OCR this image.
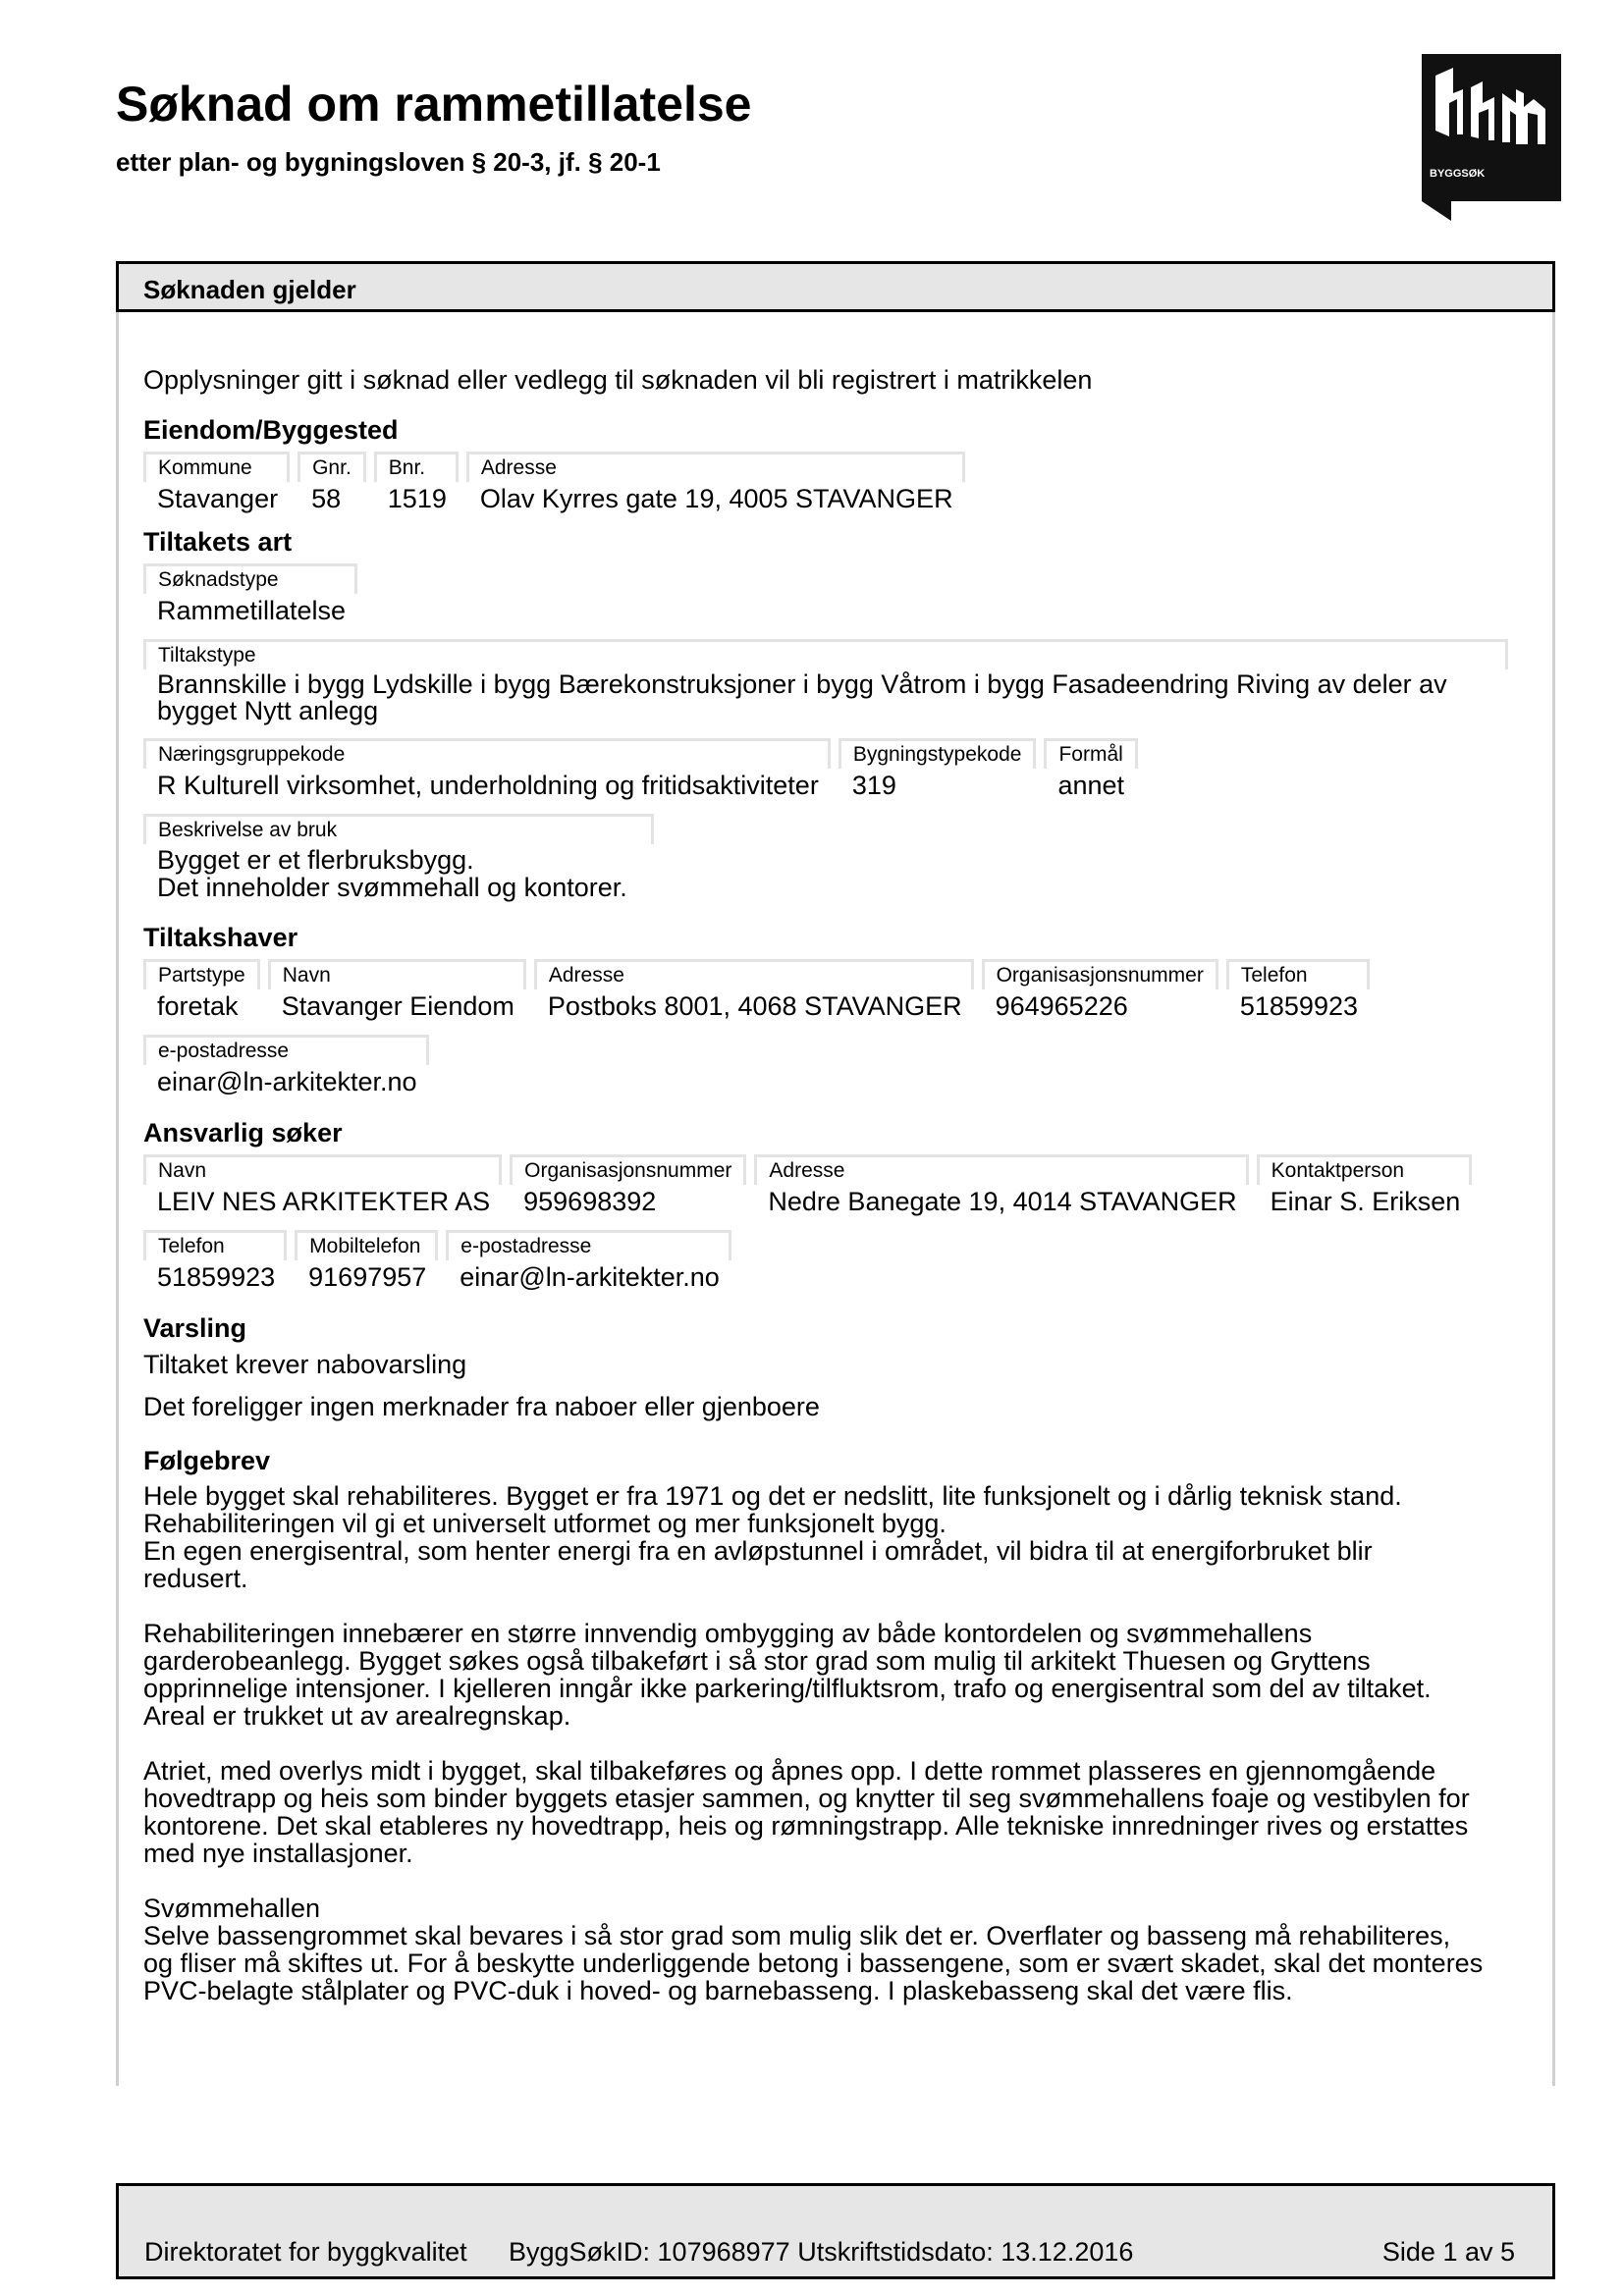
Søknad om rammetillatelse
etter plan- og bygningsloven § 20-3, jf. § 20-1	BYGGSØK
Søknaden gjelder

Opplysninger gitt i søknad eller vedlegg til søknaden vil bli registrert i matrikkelen

Eiendom/Byggested

Kommune
Stavanger
Gnr.
58
Bnr.
1519
Adresse
Olav Kyrres gate 19, 4005 STAVANGER

Tiltakets art

Søknadstype
Rammetillatelse
Tiltakstype
Brannskille i bygg Lydskille i bygg Bærekonstruksjoner i bygg Våtrom i bygg Fasadeendring Riving av deler av bygget Nytt anlegg
Næringsgruppekode
R Kulturell virksomhet, underholdning og fritidsaktiviteter
Bygningstypekode
319
Formål
annet
Beskrivelse av bruk
Bygget er et flerbruksbygg.
Det inneholder svømmehall og kontorer.

Tiltakshaver

Partstype
foretak
Navn
Stavanger Eiendom
Adresse
Postboks 8001, 4068 STAVANGER
Organisasjonsnummer
964965226
Telefon
51859923
e-postadresse
einar@ln-arkitekter.no

Ansvarlig søker

Navn
LEIV NES ARKITEKTER AS
Organisasjonsnummer
959698392
Adresse
Nedre Banegate 19, 4014 STAVANGER
Kontaktperson
Einar S. Eriksen
Telefon
51859923
Mobiltelefon
91697957
e-postadresse
einar@ln-arkitekter.no

Varsling

Tiltaket krever nabovarsling

Det foreligger ingen merknader fra naboer eller gjenboere

Følgebrev

Hele bygget skal rehabiliteres. Bygget er fra 1971 og det er nedslitt, lite funksjonelt og i dårlig teknisk stand.
Rehabiliteringen vil gi et universelt utformet og mer funksjonelt bygg.
En egen energisentral, som henter energi fra en avløpstunnel i området, vil bidra til at energiforbruket blir
redusert.

Rehabiliteringen innebærer en større innvendig ombygging av både kontordelen og svømmehallens
garderobeanlegg. Bygget søkes også tilbakeført i så stor grad som mulig til arkitekt Thuesen og Gryttens
opprinnelige intensjoner. I kjelleren inngår ikke parkering/tilfluktsrom, trafo og energisentral som del av tiltaket.
Areal er trukket ut av arealregnskap.

Atriet, med overlys midt i bygget, skal tilbakeføres og åpnes opp. I dette rommet plasseres en gjennomgående
hovedtrapp og heis som binder byggets etasjer sammen, og knytter til seg svømmehallens foaje og vestibylen for
kontorene. Det skal etableres ny hovedtrapp, heis og rømningstrapp. Alle tekniske innredninger rives og erstattes
med nye installasjoner.

Svømmehallen
Selve bassengrommet skal bevares i så stor grad som mulig slik det er. Overflater og basseng må rehabiliteres,
og fliser må skiftes ut. For å beskytte underliggende betong i bassengene, som er svært skadet, skal det monteres
PVC-belagte stålplater og PVC-duk i hoved- og barnebasseng. I plaskebasseng skal det være flis.

Direktoratet for byggkvalitet ByggSøkID: 107968977 Utskriftstidsdato: 13.12.2016	Side 1 av 5
